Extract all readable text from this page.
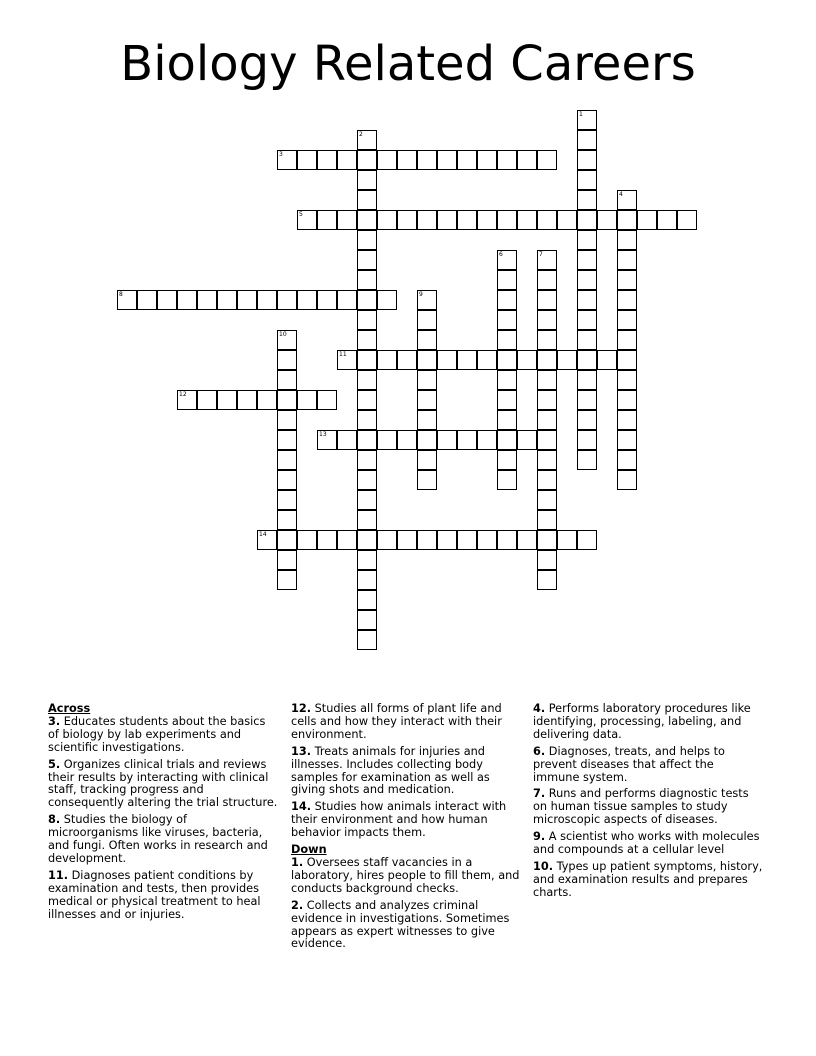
Biology Related Careers
1
2
3
4
5
6	7
8	9
10
11
12
13
14

Across

3. Educates students about the basics of biology by lab experiments and scientific investigations.

5. Organizes clinical trials and reviews their results by interacting with clinical staff, tracking progress and consequently altering the trial structure.

8. Studies the biology of microorganisms like viruses, bacteria, and fungi. Often works in research and development.

11. Diagnoses patient conditions by examination and tests, then provides medical or physical treatment to heal illnesses and or injuries.

12. Studies all forms of plant life and cells and how they interact with their environment.

13. Treats animals for injuries and illnesses. Includes collecting body samples for examination as well as giving shots and medication.

14. Studies how animals interact with their environment and how human behavior impacts them.

Down

1. Oversees staff vacancies in a laboratory, hires people to fill them, and conducts background checks.

2. Collects and analyzes criminal evidence in investigations. Sometimes appears as expert witnesses to give evidence.

4. Performs laboratory procedures like identifying, processing, labeling, and delivering data.

6. Diagnoses, treats, and helps to prevent diseases that affect the immune system.

7. Runs and performs diagnostic tests on human tissue samples to study microscopic aspects of diseases.

9. A scientist who works with molecules and compounds at a cellular level

10. Types up patient symptoms, history, and examination results and prepares charts.
